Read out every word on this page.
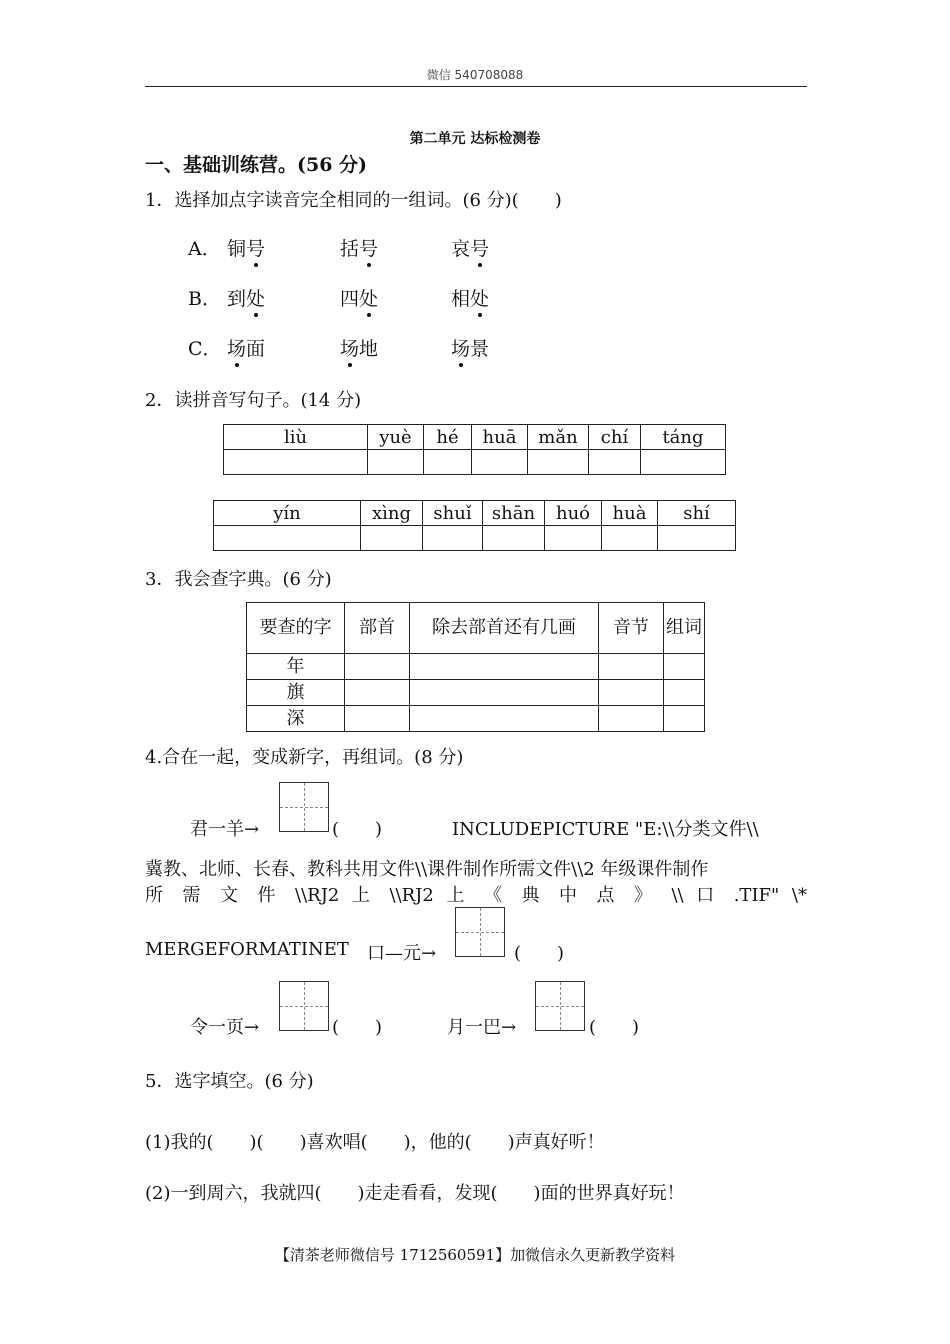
微信 540708088
第二单元 达标检测卷
一、基础训练营。(56 分)
1．选择加点字读音完全相同的一组词。(6 分)(　　)
A． 铜号	括号	哀号
B． 到处	四处	相处
C． 场面	场地	场景
2．读拼音写句子。(14 分)
liù	yuè	hé	huā	mǎn	chí	táng

yín	xìng	shuǐ	shān	huó	huà	shí

3．我会查字典。(6 分)
要查的字	部首	除去部首还有几画	音节	组词
年				
旗				
深				
4.合在一起，变成新字，再组词。(8 分)
君一羊→	(　　)	INCLUDEPICTURE "E:\\分类文件\\
冀教、北师、长春、教科共用文件\\课件制作所需文件\\2 年级课件制作
所 需 文 件 \\RJ2 上 \\RJ2 上 《 典 中 点 》 \\ 口 .TIF" \*
MERGEFORMATINET 口—元→	(　　)
令一页→	(　　)	月一巴→	(　　)
5．选字填空。(6 分)
(1)我的(　　)(　　)喜欢唱(　　)，他的(　　)声真好听！
(2)一到周六，我就四(　　)走走看看，发现(　　)面的世界真好玩！
【清茶老师微信号 1712560591】加微信永久更新教学资料
